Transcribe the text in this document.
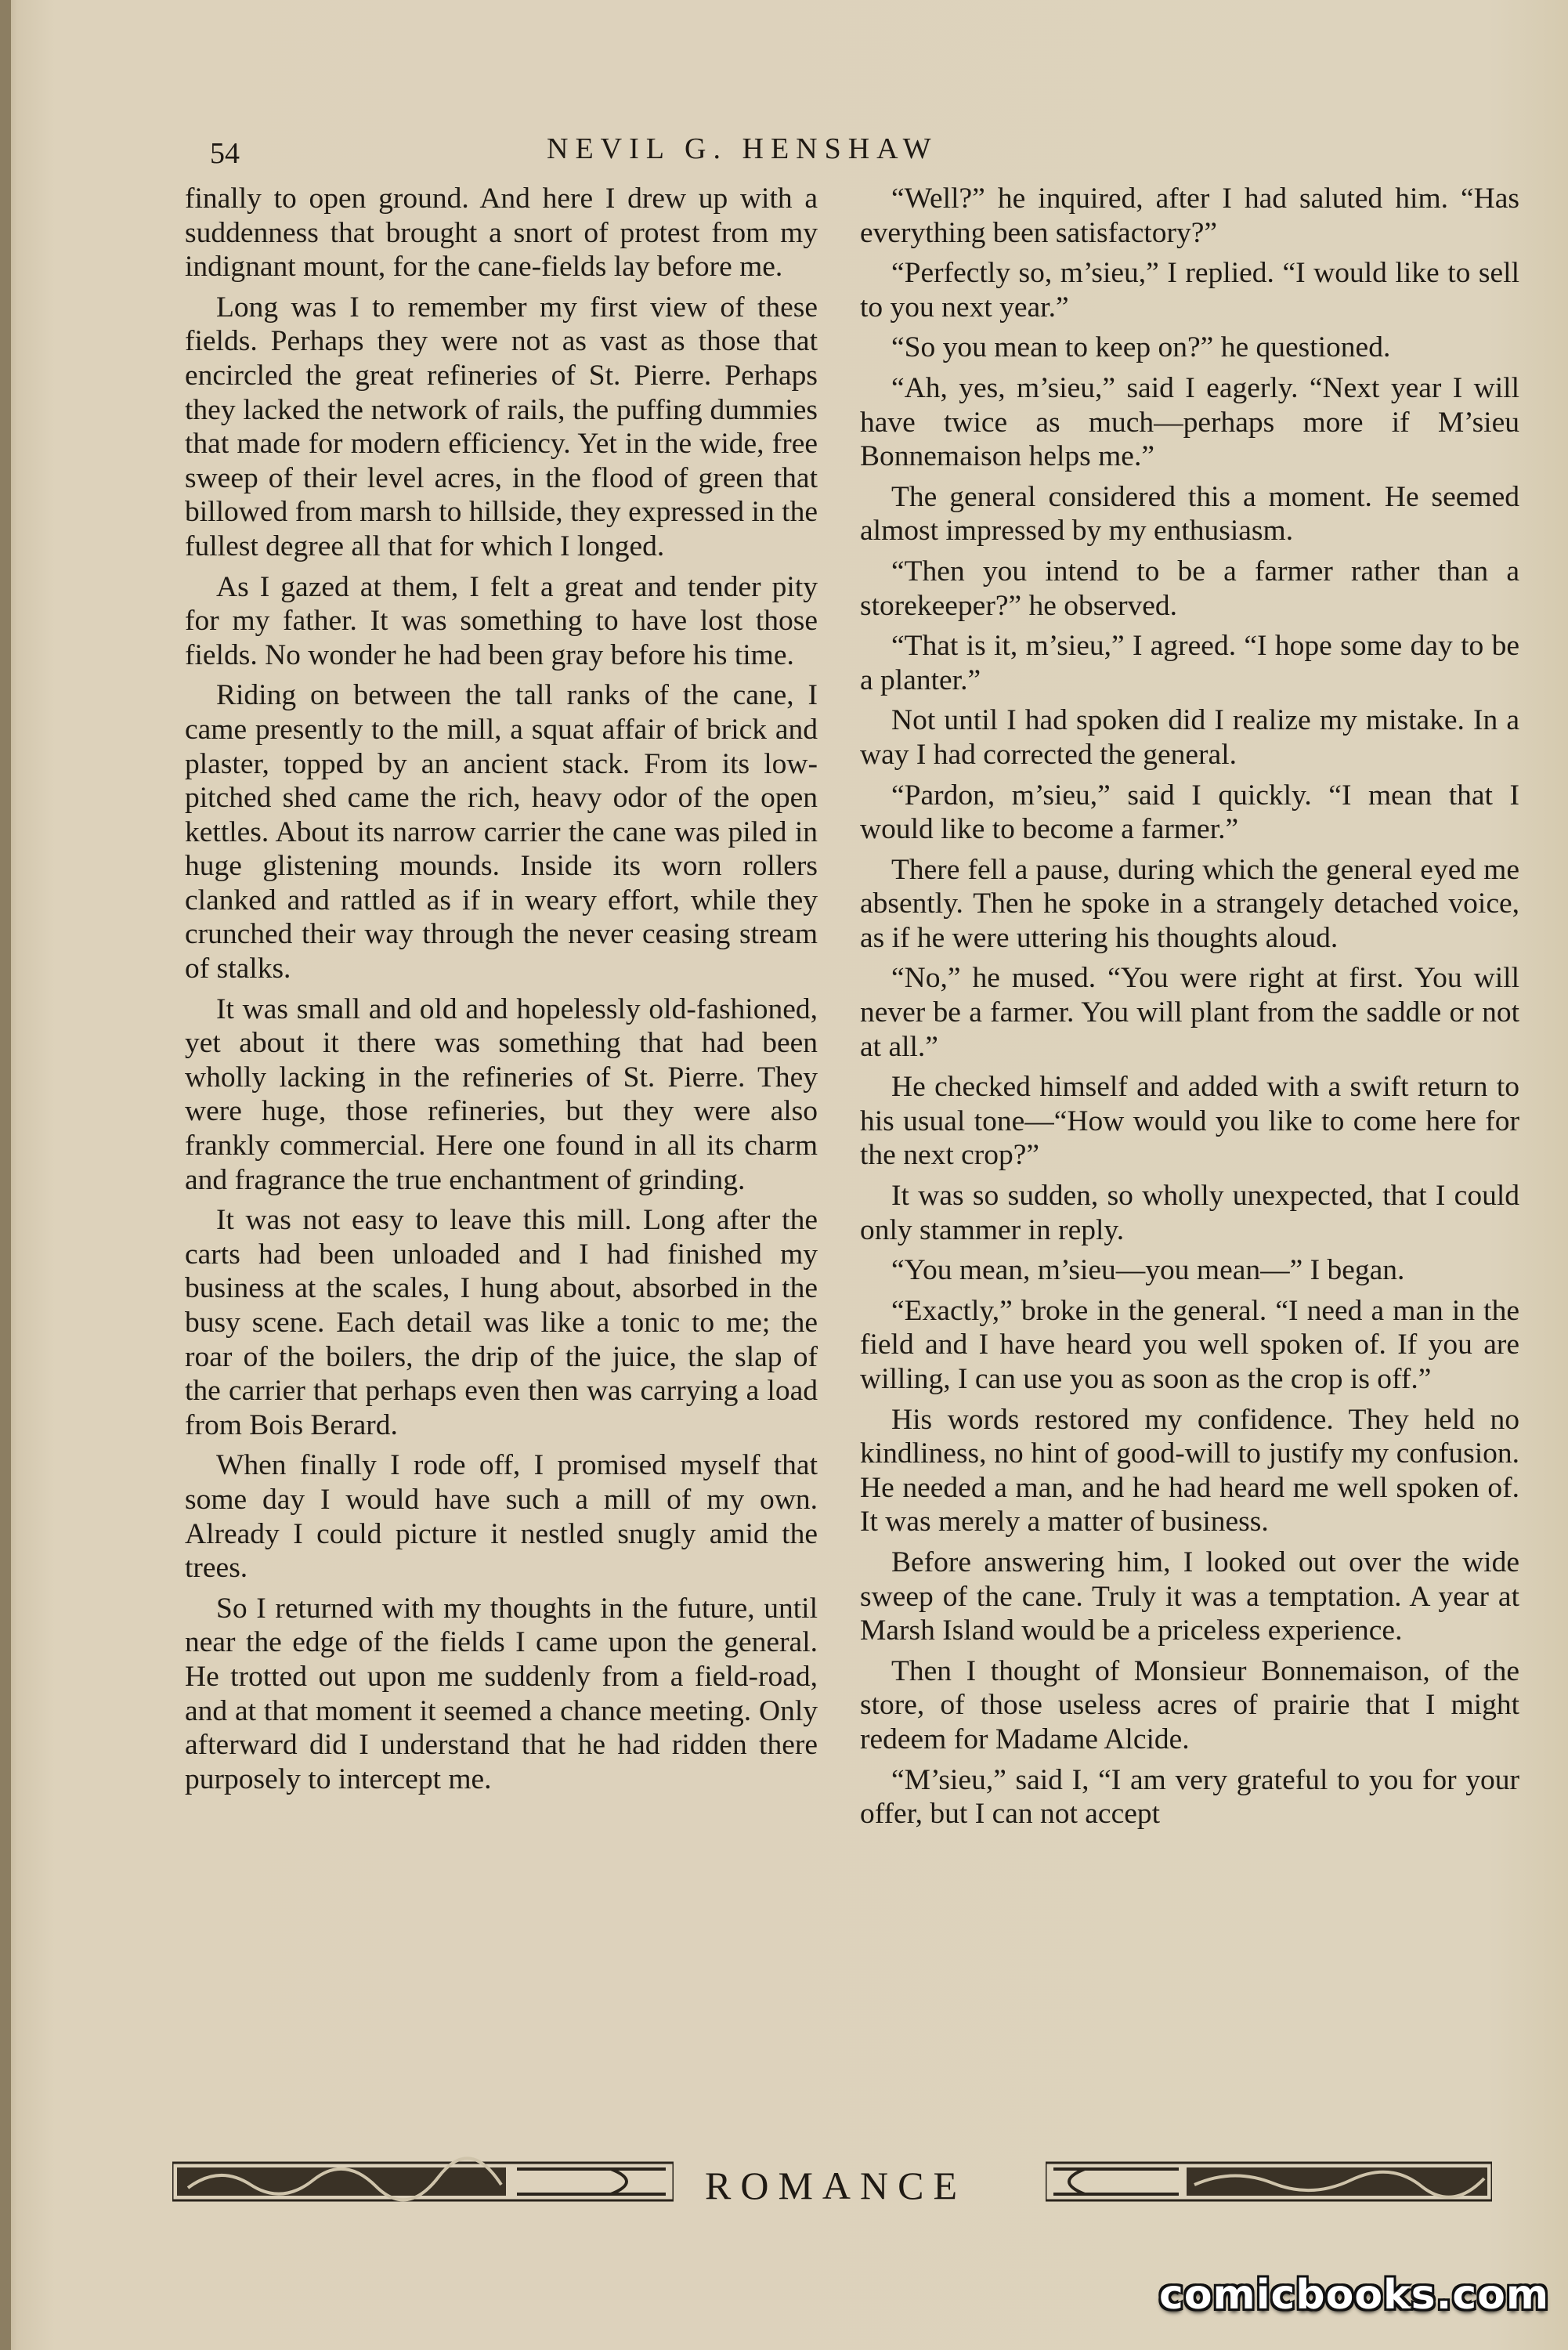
54	NEVIL G. HENSHAW

finally to open ground. And here I drew up with a suddenness that brought a snort of protest from my indignant mount, for the cane-fields lay before me.

Long was I to remember my first view of these fields. Perhaps they were not as vast as those that encircled the great refineries of St. Pierre. Perhaps they lacked the network of rails, the puffing dummies that made for modern efficiency. Yet in the wide, free sweep of their level acres, in the flood of green that billowed from marsh to hillside, they expressed in the fullest degree all that for which I longed.

As I gazed at them, I felt a great and tender pity for my father. It was something to have lost those fields. No wonder he had been gray before his time.

Riding on between the tall ranks of the cane, I came presently to the mill, a squat affair of brick and plaster, topped by an ancient stack. From its low-pitched shed came the rich, heavy odor of the open kettles. About its narrow carrier the cane was piled in huge glistening mounds. Inside its worn rollers clanked and rattled as if in weary effort, while they crunched their way through the never ceasing stream of stalks.

It was small and old and hopelessly old-fashioned, yet about it there was something that had been wholly lacking in the refineries of St. Pierre. They were huge, those refineries, but they were also frankly commercial. Here one found in all its charm and fragrance the true enchantment of grinding.

It was not easy to leave this mill. Long after the carts had been unloaded and I had finished my business at the scales, I hung about, absorbed in the busy scene. Each detail was like a tonic to me; the roar of the boilers, the drip of the juice, the slap of the carrier that perhaps even then was carrying a load from Bois Berard.

When finally I rode off, I promised myself that some day I would have such a mill of my own. Already I could picture it nestled snugly amid the trees.

So I returned with my thoughts in the future, until near the edge of the fields I came upon the general. He trotted out upon me suddenly from a field-road, and at that moment it seemed a chance meeting. Only afterward did I understand that he had ridden there purposely to intercept me.

“Well?” he inquired, after I had saluted him. “Has everything been satisfactory?”

“Perfectly so, m’sieu,” I replied. “I would like to sell to you next year.”

“So you mean to keep on?” he questioned.

“Ah, yes, m’sieu,” said I eagerly. “Next year I will have twice as much—perhaps more if M’sieu Bonnemaison helps me.”

The general considered this a moment. He seemed almost impressed by my enthusiasm.

“Then you intend to be a farmer rather than a storekeeper?” he observed.

“That is it, m’sieu,” I agreed. “I hope some day to be a planter.”

Not until I had spoken did I realize my mistake. In a way I had corrected the general.

“Pardon, m’sieu,” said I quickly. “I mean that I would like to become a farmer.”

There fell a pause, during which the general eyed me absently. Then he spoke in a strangely detached voice, as if he were uttering his thoughts aloud.

“No,” he mused. “You were right at first. You will never be a farmer. You will plant from the saddle or not at all.”

He checked himself and added with a swift return to his usual tone—“How would you like to come here for the next crop?”

It was so sudden, so wholly unexpected, that I could only stammer in reply.

“You mean, m’sieu—you mean—” I began.

“Exactly,” broke in the general. “I need a man in the field and I have heard you well spoken of. If you are willing, I can use you as soon as the crop is off.”

His words restored my confidence. They held no kindliness, no hint of good-will to justify my confusion. He needed a man, and he had heard me well spoken of. It was merely a matter of business.

Before answering him, I looked out over the wide sweep of the cane. Truly it was a temptation. A year at Marsh Island would be a priceless experience.

Then I thought of Monsieur Bonnemaison, of the store, of those useless acres of prairie that I might redeem for Madame Alcide.

“M’sieu,” said I, “I am very grateful to you for your offer, but I can not accept

ROMANCE
comicbooks.com
